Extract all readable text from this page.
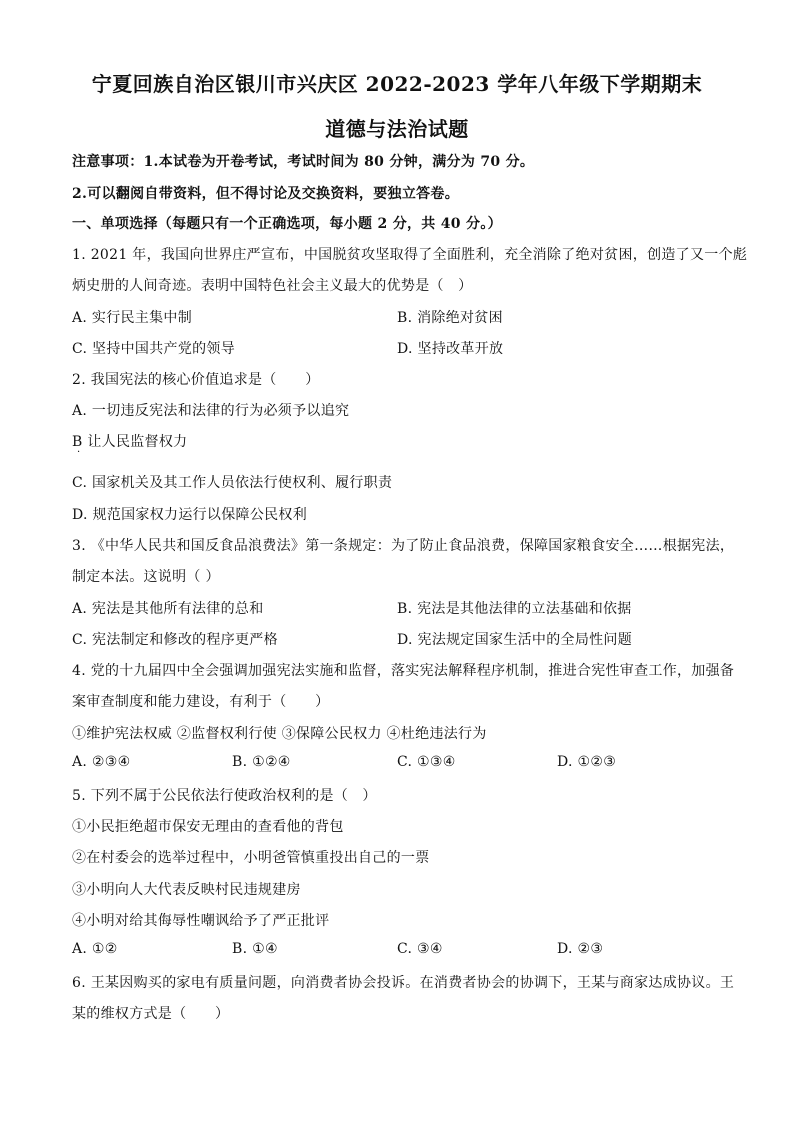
宁夏回族自治区银川市兴庆区 2022-2023 学年八年级下学期期末
道德与法治试题
注意事项：1.本试卷为开卷考试，考试时间为 80 分钟，满分为 70 分。
2.可以翻阅自带资料，但不得讨论及交换资料，要独立答卷。
一、单项选择（每题只有一个正确选项，每小题 2 分，共 40 分。）
1. 2021 年，我国向世界庄严宣布，中国脱贫攻坚取得了全面胜利，充全消除了绝对贫困，创造了又一个彪
炳史册的人间奇迹。表明中国特色社会主义最大的优势是（　）
A. 实行民主集中制	B. 消除绝对贫困
C. 坚持中国共产党的领导	D. 坚持改革开放
2. 我国宪法的核心价值追求是（　　）
A. 一切违反宪法和法律的行为必须予以追究
B 让人民监督权力
·
C. 国家机关及其工作人员依法行使权利、履行职责
D. 规范国家权力运行以保障公民权利
3. 《中华人民共和国反食品浪费法》第一条规定：为了防止食品浪费，保障国家粮食安全……根据宪法，
制定本法。这说明（ ）
A. 宪法是其他所有法律的总和	B. 宪法是其他法律的立法基础和依据
C. 宪法制定和修改的程序更严格	D. 宪法规定国家生活中的全局性问题
4. 党的十九届四中全会强调加强宪法实施和监督，落实宪法解释程序机制，推进合宪性审查工作，加强备
案审查制度和能力建设，有利于（　　）
①维护宪法权威 ②监督权利行使 ③保障公民权力 ④杜绝违法行为
A. ②③④	B. ①②④	C. ①③④	D. ①②③
5. 下列不属于公民依法行使政治权利的是（　）
①小民拒绝超市保安无理由的查看他的背包
②在村委会的选举过程中，小明爸管慎重投出自己的一票
③小明向人大代表反映村民违规建房
④小明对给其侮辱性嘲讽给予了严正批评
A. ①②	B. ①④	C. ③④	D. ②③
6. 王某因购买的家电有质量问题，向消费者协会投诉。在消费者协会的协调下，王某与商家达成协议。王
某的维权方式是（　　）
